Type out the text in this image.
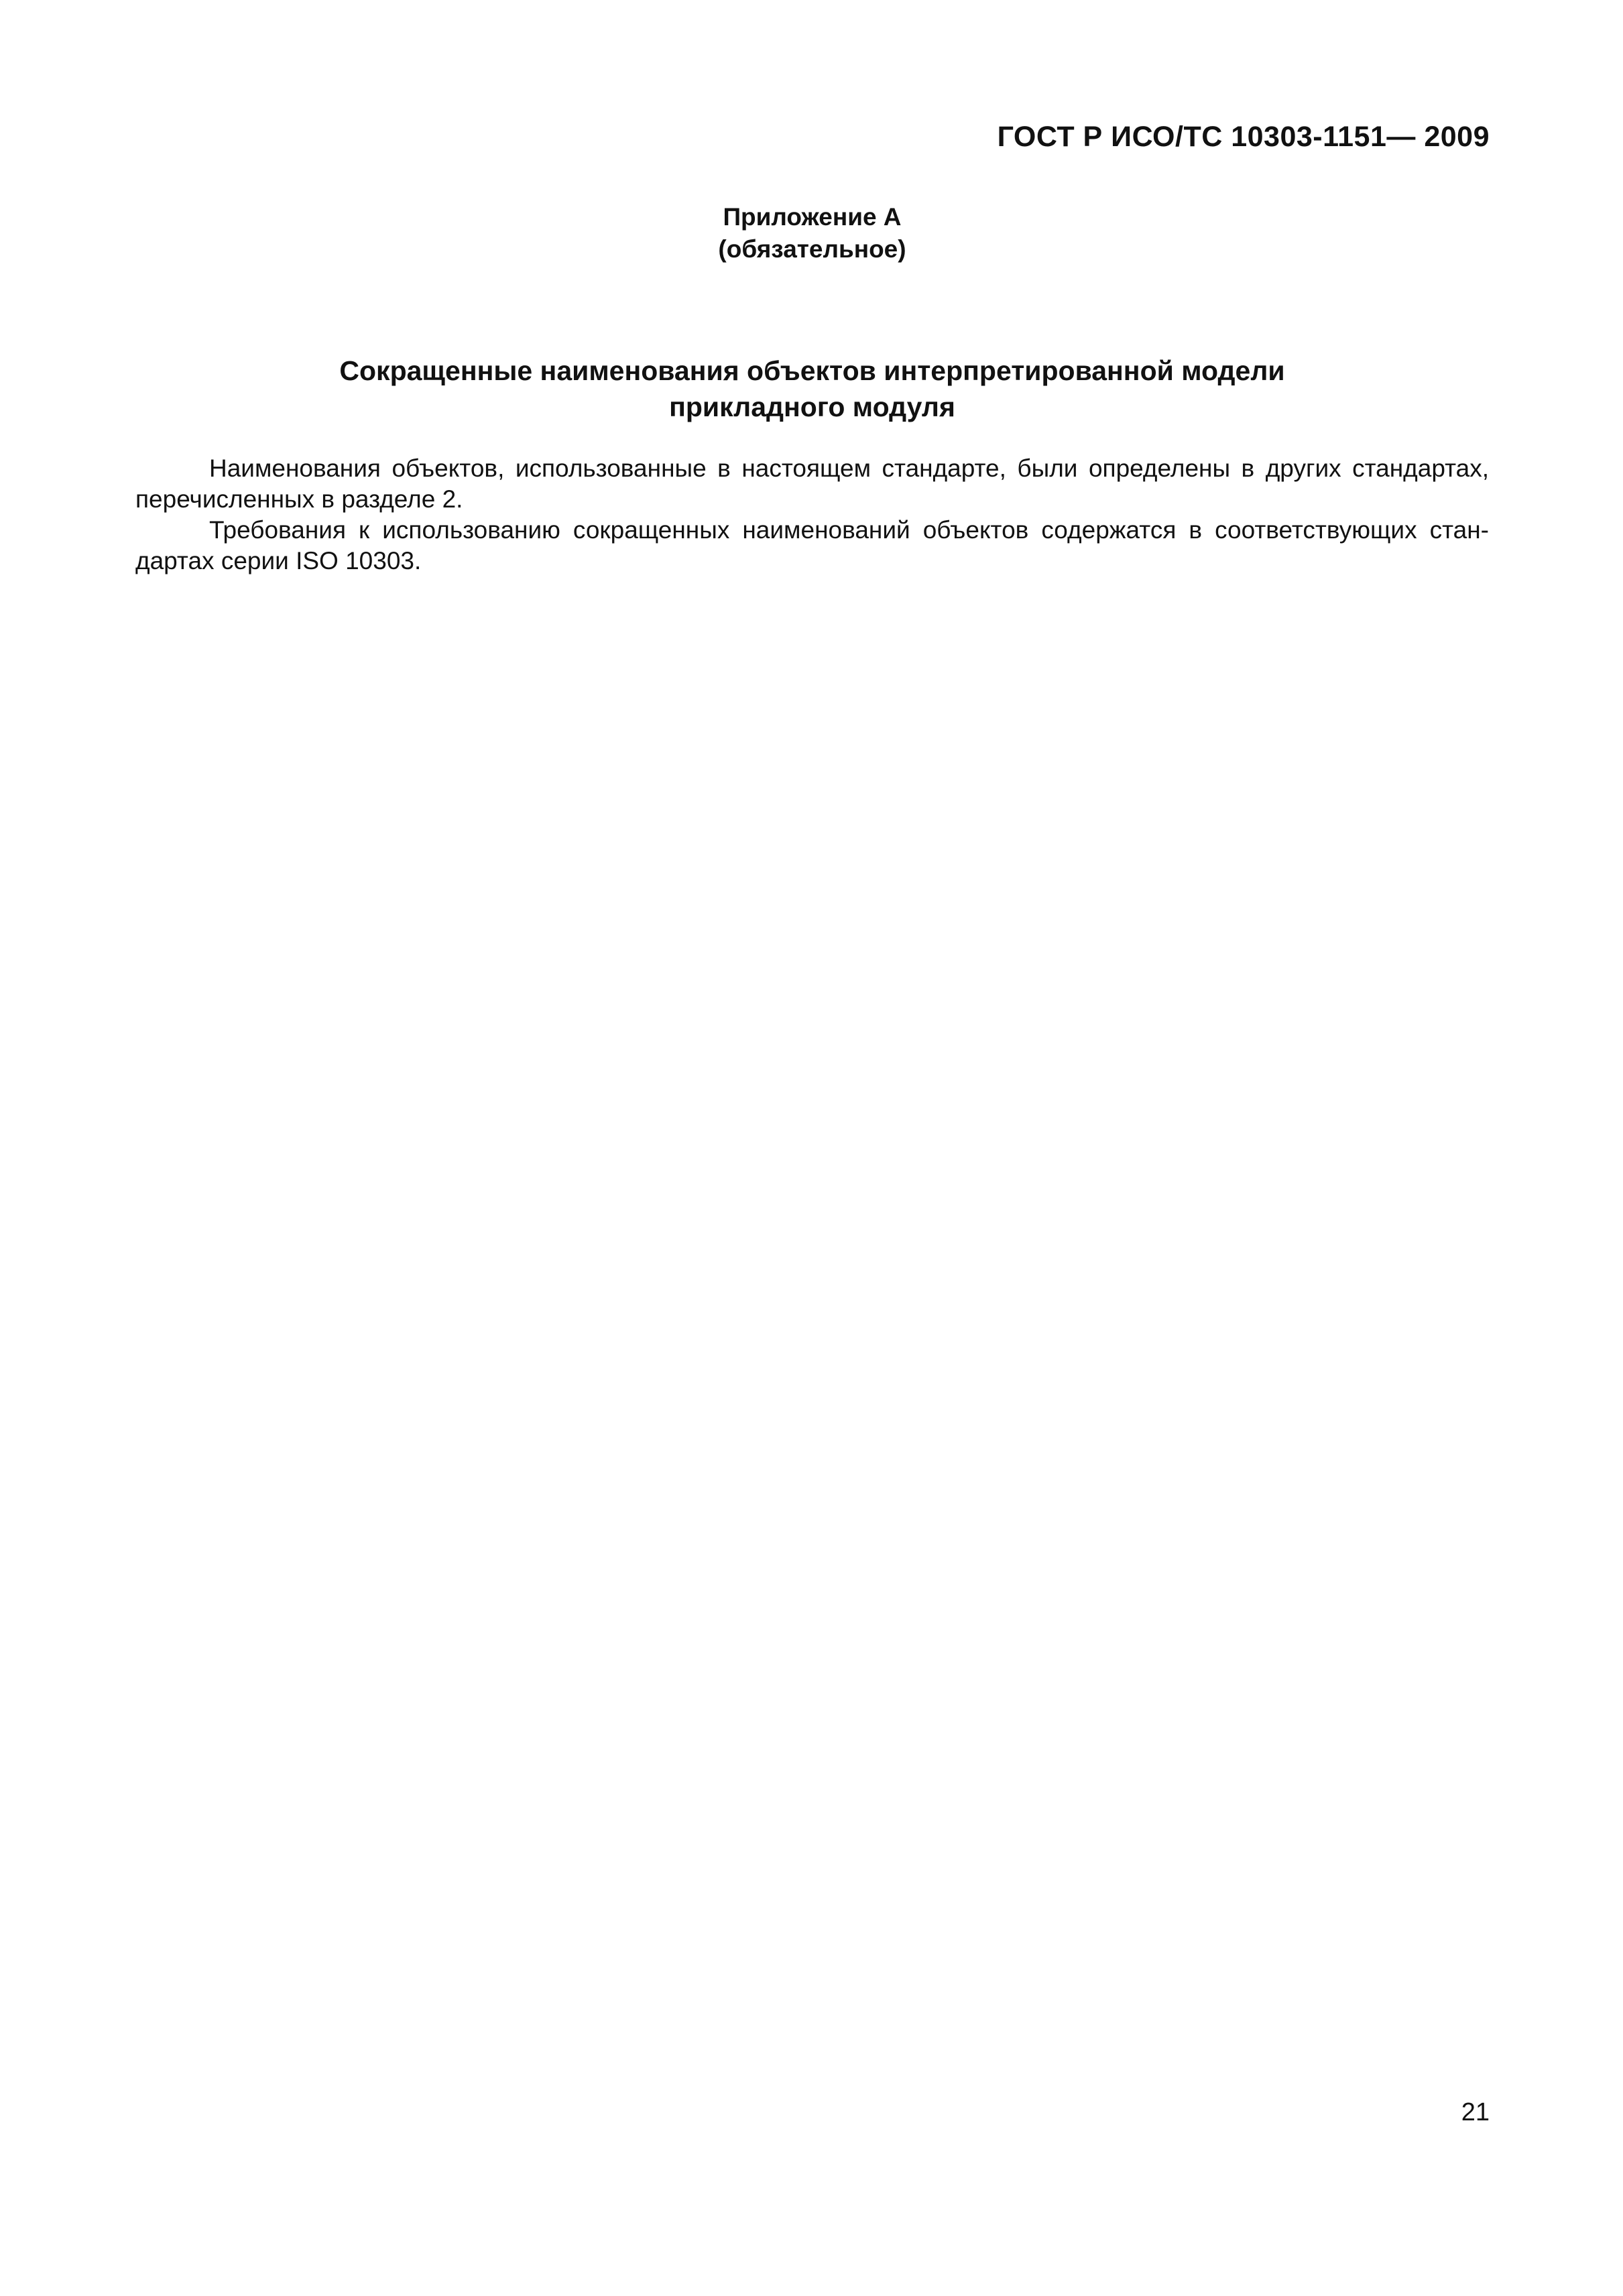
ГОСТ Р ИСО/ТС 10303-1151— 2009
Приложение А
(обязательное)
Сокращенные наименования объектов интерпретированной модели
прикладного модуля

Наименования объектов, использованные в настоящем стандарте, были определены в других стандартах, перечисленных в разделе 2.

Требования к использованию сокращенных наименований объектов содержатся в соответствующих стандартах серии ISO 10303.

21
